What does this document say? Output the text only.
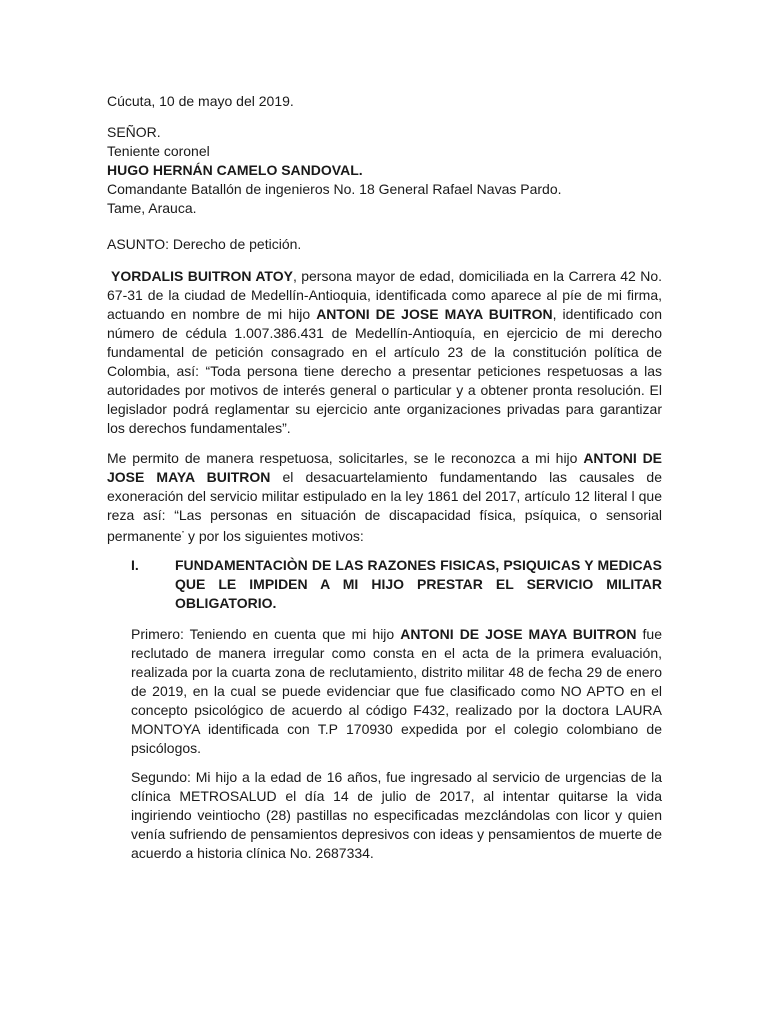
Cúcuta, 10 de mayo del 2019.
SEÑOR.
Teniente coronel
HUGO HERNÁN CAMELO SANDOVAL.
Comandante Batallón de ingenieros No. 18 General Rafael Navas Pardo.
Tame, Arauca.
ASUNTO: Derecho de petición.

YORDALIS BUITRON ATOY, persona mayor de edad, domiciliada en la Carrera 42 No. 67-31 de la ciudad de Medellín-Antioquia, identificada como aparece al píe de mi firma, actuando en nombre de mi hijo ANTONI DE JOSE MAYA BUITRON, identificado con número de cédula 1.007.386.431 de Medellín-Antioquía, en ejercicio de mi derecho fundamental de petición consagrado en el artículo 23 de la constitución política de Colombia, así: “Toda persona tiene derecho a presentar peticiones respetuosas a las autoridades por motivos de interés general o particular y a obtener pronta resolución. El legislador podrá reglamentar su ejercicio ante organizaciones privadas para garantizar los derechos fundamentales”.

Me permito de manera respetuosa, solicitarles, se le reconozca a mi hijo ANTONI DE JOSE MAYA BUITRON el desacuartelamiento fundamentando las causales de exoneración del servicio militar estipulado en la ley 1861 del 2017, artículo 12 literal l que reza así: “Las personas en situación de discapacidad física, psíquica, o sensorial permanente” y por los siguientes motivos:

I.	FUNDAMENTACIÒN DE LAS RAZONES FISICAS, PSIQUICAS Y MEDICAS QUE LE IMPIDEN A MI HIJO PRESTAR EL SERVICIO MILITAR OBLIGATORIO.

Primero: Teniendo en cuenta que mi hijo ANTONI DE JOSE MAYA BUITRON fue reclutado de manera irregular como consta en el acta de la primera evaluación, realizada por la cuarta zona de reclutamiento, distrito militar 48 de fecha 29 de enero de 2019, en la cual se puede evidenciar que fue clasificado como NO APTO en el concepto psicológico de acuerdo al código F432, realizado por la doctora LAURA MONTOYA identificada con T.P 170930 expedida por el colegio colombiano de psicólogos.

Segundo: Mi hijo a la edad de 16 años, fue ingresado al servicio de urgencias de la clínica METROSALUD el día 14 de julio de 2017, al intentar quitarse la vida ingiriendo veintiocho (28) pastillas no especificadas mezclándolas con licor y quien venía sufriendo de pensamientos depresivos con ideas y pensamientos de muerte de acuerdo a historia clínica No. 2687334.
